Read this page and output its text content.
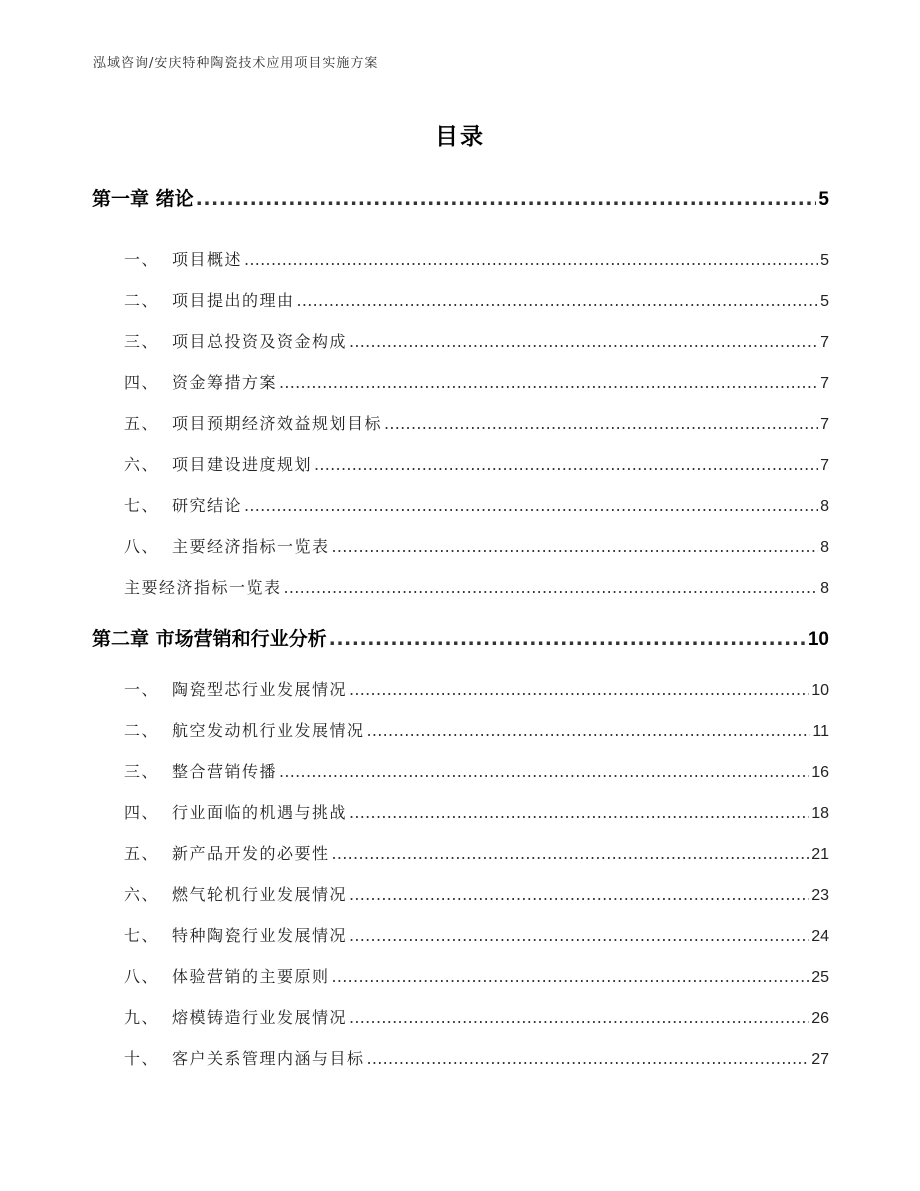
泓域咨询/安庆特种陶瓷技术应用项目实施方案
目录
第一章 绪论 .....	5
一、 项目概述 .....	5
二、 项目提出的理由 .....	5
三、 项目总投资及资金构成 .....	7
四、 资金筹措方案 .....	7
五、 项目预期经济效益规划目标 .....	7
六、 项目建设进度规划 .....	7
七、 研究结论 .....	8
八、 主要经济指标一览表 .....	8
主要经济指标一览表 .....	8
第二章 市场营销和行业分析 .....	10
一、 陶瓷型芯行业发展情况 .....	10
二、 航空发动机行业发展情况 .....	11
三、 整合营销传播 .....	16
四、 行业面临的机遇与挑战 .....	18
五、 新产品开发的必要性 .....	21
六、 燃气轮机行业发展情况 .....	23
七、 特种陶瓷行业发展情况 .....	24
八、 体验营销的主要原则 .....	25
九、 熔模铸造行业发展情况 .....	26
十、 客户关系管理内涵与目标 .....	27
